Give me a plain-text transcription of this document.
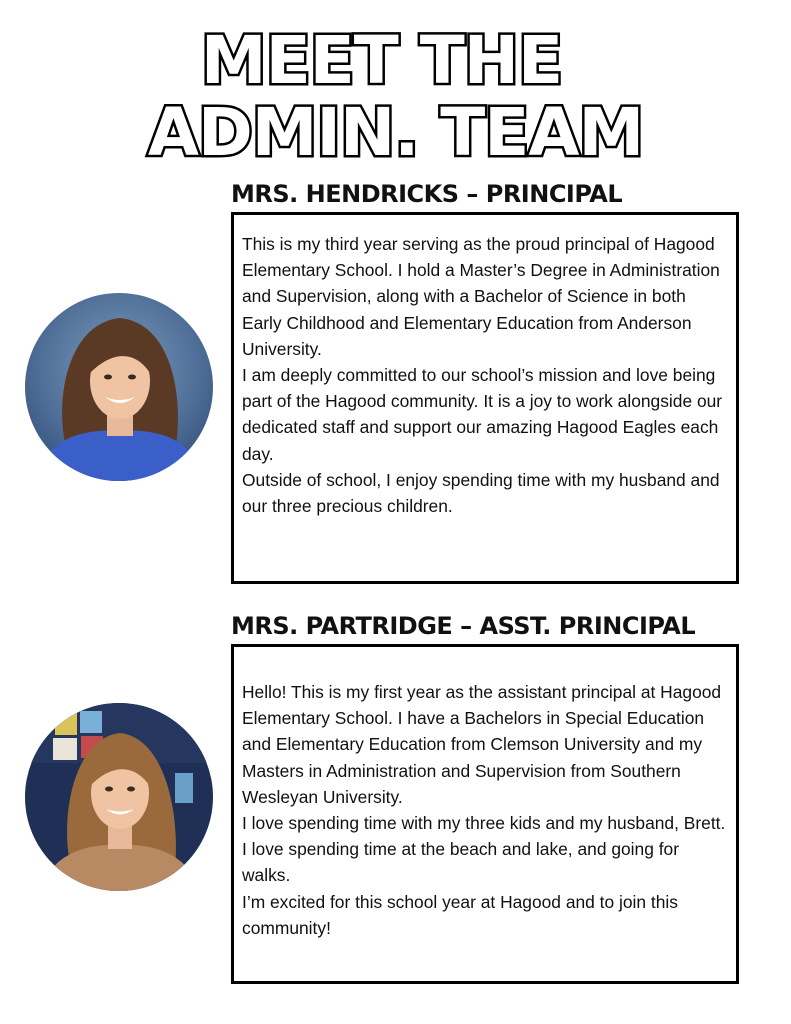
MEET THE
ADMIN. TEAM
MRS. HENDRICKS – PRINCIPAL

This is my third year serving as the proud principal of Hagood Elementary School. I hold a Master’s Degree in Administration and Supervision, along with a Bachelor of Science in both Early Childhood and Elementary Education from Anderson University.

I am deeply committed to our school’s mission and love being part of the Hagood community. It is a joy to work alongside our dedicated staff and support our amazing Hagood Eagles each day.

Outside of school, I enjoy spending time with my husband and our three precious children.

MRS. PARTRIDGE – ASST. PRINCIPAL

Hello! This is my first year as the assistant principal at Hagood Elementary School. I have a Bachelors in Special Education and Elementary Education from Clemson University and my Masters in Administration and Supervision from Southern Wesleyan University.

I love spending time with my three kids and my husband, Brett. I love spending time at the beach and lake, and going for walks.

I’m excited for this school year at Hagood and to join this community!
